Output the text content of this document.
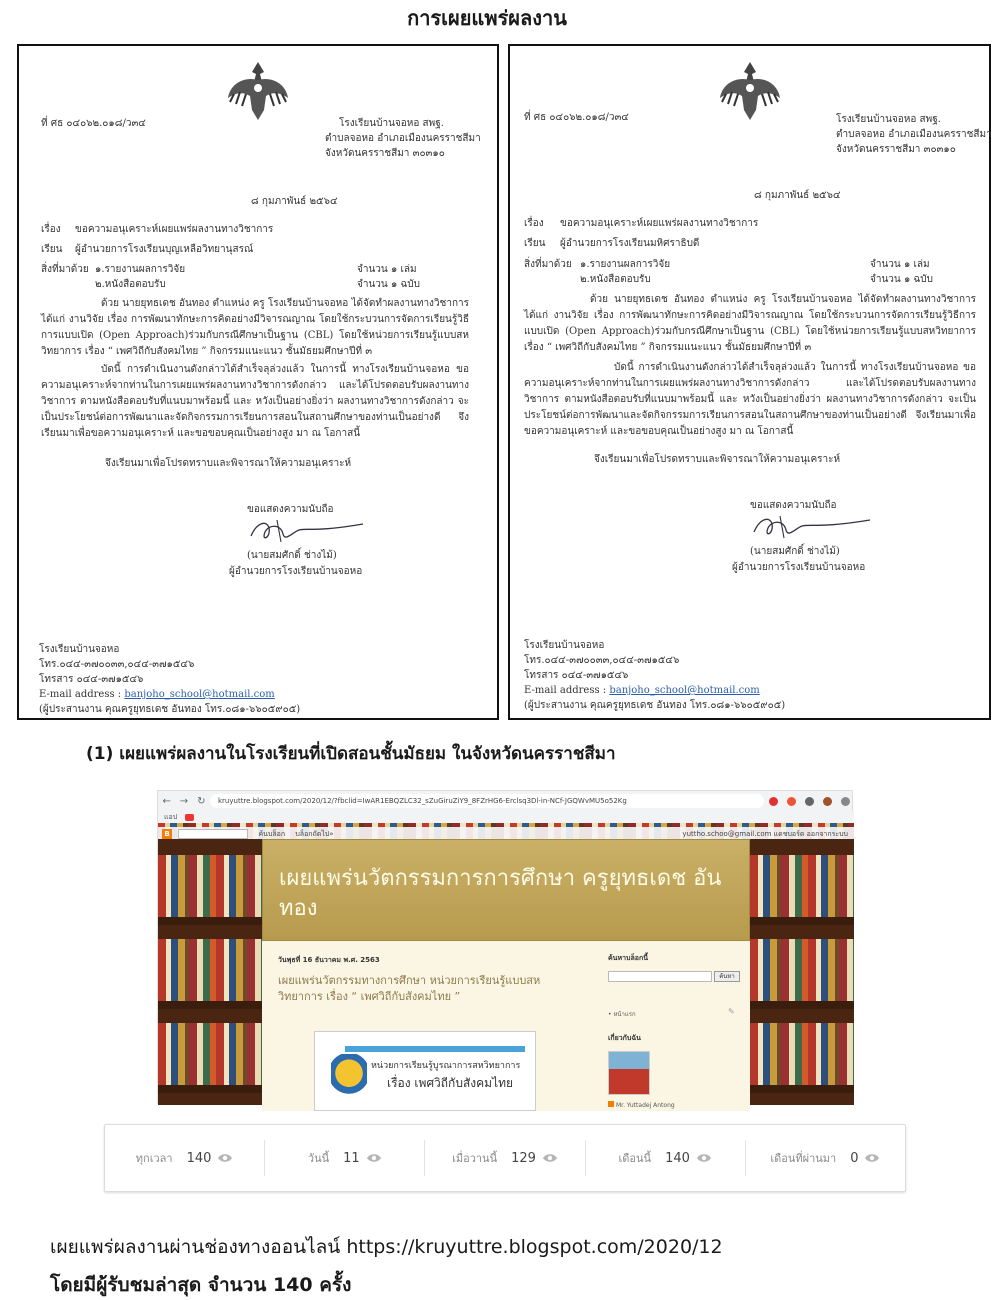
การเผยแพร่ผลงาน
ที่ ศธ ๐๔๐๖๒.๐๑๘/ว๓๔	โรงเรียนบ้านจอหอ สพฐ.
ตำบลจอหอ อำเภอเมืองนครราชสีมา
จังหวัดนครราชสีมา ๓๐๓๑๐
๘ กุมภาพันธ์ ๒๕๖๔
เรื่อง ขอความอนุเคราะห์เผยแพร่ผลงานทางวิชาการ
เรียน ผู้อำนวยการโรงเรียนบุญเหลือวิทยานุสรณ์
สิ่งที่มาด้วย ๑.รายงานผลการวิจัย	จำนวน ๑ เล่ม
๒.หนังสือตอบรับ	จำนวน ๑ ฉบับ
ด้วย นายยุทธเดช อันทอง ตำแหน่ง ครู โรงเรียนบ้านจอหอ ได้จัดทำผลงานทางวิชาการ ได้แก่ งานวิจัย เรื่อง การพัฒนาทักษะการคิดอย่างมีวิจารณญาณ โดยใช้กระบวนการจัดการเรียนรู้วิธีการแบบเปิด (Open Approach)ร่วมกับกรณีศึกษาเป็นฐาน (CBL) โดยใช้หน่วยการเรียนรู้แบบสหวิทยาการ เรื่อง “ เพศวิถีกับสังคมไทย ” กิจกรรมแนะแนว ชั้นมัธยมศึกษาปีที่ ๓
บัดนี้ การดำเนินงานดังกล่าวได้สำเร็จลุล่วงแล้ว ในการนี้ ทางโรงเรียนบ้านจอหอ ขอความอนุเคราะห์จากท่านในการเผยแพร่ผลงานทางวิชาการดังกล่าว และได้โปรดตอบรับผลงานทางวิชาการ ตามหนังสือตอบรับที่แนบมาพร้อมนี้ และ หวังเป็นอย่างยิ่งว่า ผลงานทางวิชาการดังกล่าว จะเป็นประโยชน์ต่อการพัฒนาและจัดกิจกรรมการเรียนการสอนในสถานศึกษาของท่านเป็นอย่างดี จึงเรียนมาเพื่อขอความอนุเคราะห์ และขอขอบคุณเป็นอย่างสูง มา ณ โอกาสนี้
จึงเรียนมาเพื่อโปรดทราบและพิจารณาให้ความอนุเคราะห์
ขอแสดงความนับถือ
(นายสมศักดิ์ ช่างไม้)
ผู้อำนวยการโรงเรียนบ้านจอหอ
โรงเรียนบ้านจอหอ
โทร.๐๔๔-๓๗๐๐๓๓,๐๔๔-๓๗๑๕๔๖
โทรสาร ๐๔๔-๓๗๑๕๔๖
E-mail address : banjoho_school@hotmail.com
(ผู้ประสานงาน คุณครูยุทธเดช อันทอง โทร.๐๘๑-๖๖๐๕๙๐๕)
ที่ ศธ ๐๔๐๖๒.๐๑๘/ว๓๔	โรงเรียนบ้านจอหอ สพฐ.
ตำบลจอหอ อำเภอเมืองนครราชสีมา
จังหวัดนครราชสีมา ๓๐๓๑๐
๘ กุมภาพันธ์ ๒๕๖๔
เรื่อง ขอความอนุเคราะห์เผยแพร่ผลงานทางวิชาการ
เรียน ผู้อำนวยการโรงเรียนมหิศราธิบดี
สิ่งที่มาด้วย ๑.รายงานผลการวิจัย	จำนวน ๑ เล่ม
๒.หนังสือตอบรับ	จำนวน ๑ ฉบับ
ด้วย นายยุทธเดช อันทอง ตำแหน่ง ครู โรงเรียนบ้านจอหอ ได้จัดทำผลงานทางวิชาการ ได้แก่ งานวิจัย เรื่อง การพัฒนาทักษะการคิดอย่างมีวิจารณญาณ โดยใช้กระบวนการจัดการเรียนรู้วิธีการแบบเปิด (Open Approach)ร่วมกับกรณีศึกษาเป็นฐาน (CBL) โดยใช้หน่วยการเรียนรู้แบบสหวิทยาการ เรื่อง “ เพศวิถีกับสังคมไทย ” กิจกรรมแนะแนว ชั้นมัธยมศึกษาปีที่ ๓
บัดนี้ การดำเนินงานดังกล่าวได้สำเร็จลุล่วงแล้ว ในการนี้ ทางโรงเรียนบ้านจอหอ ขอความอนุเคราะห์จากท่านในการเผยแพร่ผลงานทางวิชาการดังกล่าว และได้โปรดตอบรับผลงานทางวิชาการ ตามหนังสือตอบรับที่แนบมาพร้อมนี้ และ หวังเป็นอย่างยิ่งว่า ผลงานทางวิชาการดังกล่าว จะเป็นประโยชน์ต่อการพัฒนาและจัดกิจกรรมการเรียนการสอนในสถานศึกษาของท่านเป็นอย่างดี จึงเรียนมาเพื่อขอความอนุเคราะห์ และขอขอบคุณเป็นอย่างสูง มา ณ โอกาสนี้
จึงเรียนมาเพื่อโปรดทราบและพิจารณาให้ความอนุเคราะห์
ขอแสดงความนับถือ
(นายสมศักดิ์ ช่างไม้)
ผู้อำนวยการโรงเรียนบ้านจอหอ
โรงเรียนบ้านจอหอ
โทร.๐๔๔-๓๗๐๐๓๓,๐๔๔-๓๗๑๕๔๖
โทรสาร ๐๔๔-๓๗๑๕๔๖
E-mail address : banjoho_school@hotmail.com
(ผู้ประสานงาน คุณครูยุทธเดช อันทอง โทร.๐๘๑-๖๖๐๕๙๐๕)
(1) เผยแพร่ผลงานในโรงเรียนที่เปิดสอนชั้นมัธยม ในจังหวัดนครราชสีมา
← → ↻	kruyuttre.blogspot.com/2020/12/?fbclid=IwAR1EBQZLC32_sZuGiruZiY9_8FZrHG6-Erclsq3Dl-in-NCf-JGQWvMU5o52Kg
แอป
B	ค้นบล็อก บล็อกถัดไป»	yuttho.schoo@gmail.com แดชบอร์ด ออกจากระบบ
เผยแพร่นวัตกรรมการการศึกษา ครูยุทธเดช อันทอง
วันพุธที่ 16 ธันวาคม พ.ศ. 2563
เผยแพร่นวัตกรรมทางการศึกษา หน่วยการเรียนรู้แบบสหวิทยาการ เรื่อง “ เพศวิถีกับสังคมไทย ”
หน่วยการเรียนรู้บูรณาการสหวิทยาการ
เรื่อง เพศวิถีกับสังคมไทย
ค้นหาบล็อกนี้
ค้นหา
• หน้าแรก	✎
เกี่ยวกับฉัน
Mr. Yuttadej Antong
ทุกเวลา 140	วันนี้ 11	เมื่อวานนี้ 129	เดือนนี้ 140	เดือนที่ผ่านมา 0
เผยแพร่ผลงานผ่านช่องทางออนไลน์ https://kruyuttre.blogspot.com/2020/12
โดยมีผู้รับชมล่าสุด จำนวน 140 ครั้ง
